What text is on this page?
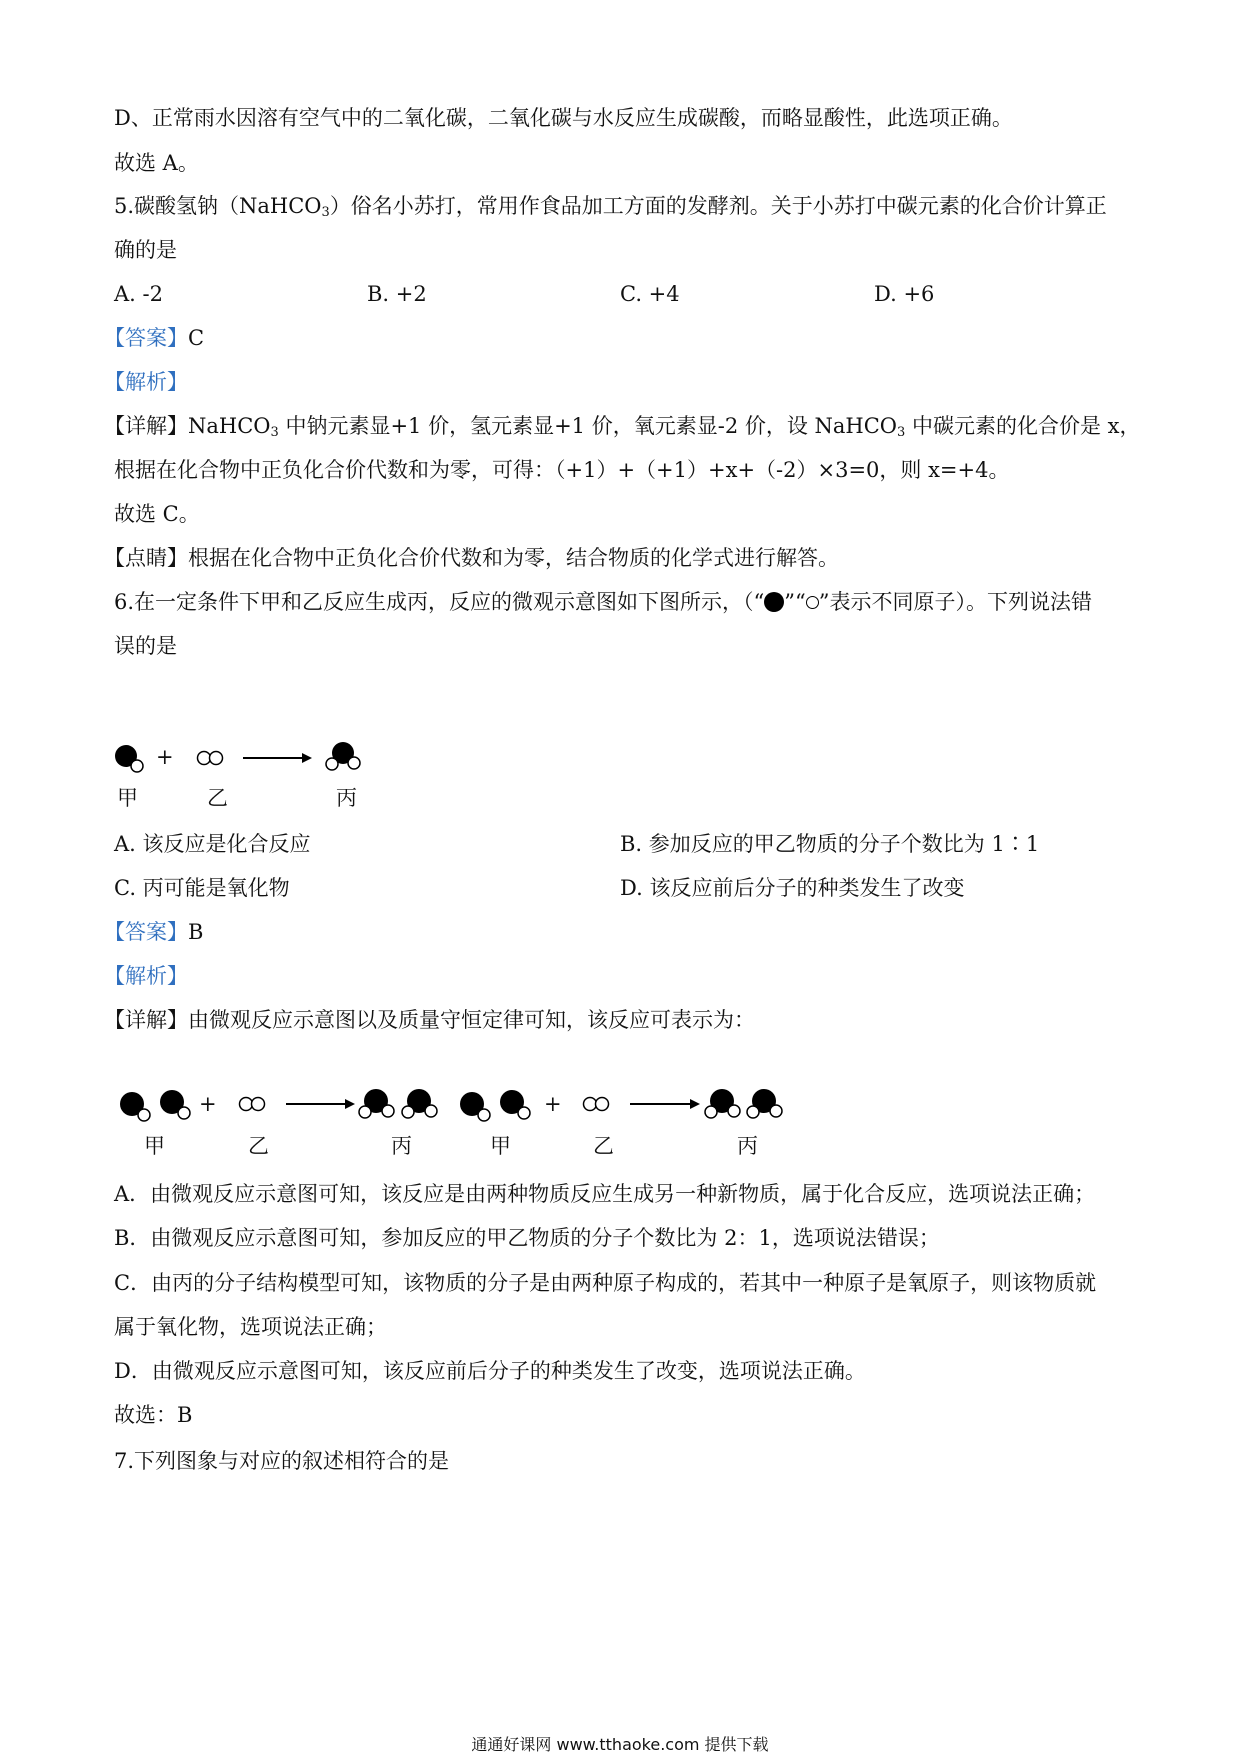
D、正常雨水因溶有空气中的二氧化碳，二氧化碳与水反应生成碳酸，而略显酸性，此选项正确。
故选 A。
5.碳酸氢钠（NaHCO$_3$）俗名小苏打，常用作食品加工方面的发酵剂。关于小苏打中碳元素的化合价计算正
确的是
A. -2	B. +2	C. +4	D. +6
【答案】C
【解析】
【详解】NaHCO$_3$ 中钠元素显+1 价，氢元素显+1 价，氧元素显-2 价，设 NaHCO$_3$ 中碳元素的化合价是 x，
根据在化合物中正负化合价代数和为零，可得：（+1）+（+1）+x+（-2）×3=0，则 x=+4。
故选 C。
【点睛】根据在化合物中正负化合价代数和为零，结合物质的化学式进行解答。
6.在一定条件下甲和乙反应生成丙，反应的微观示意图如下图所示，（“ ”“ ”表示不同原子）。下列说法错
误的是
+
甲	乙	丙
A. 该反应是化合反应	B. 参加反应的甲乙物质的分子个数比为 1∶1
C. 丙可能是氧化物	D. 该反应前后分子的种类发生了改变
【答案】B
【解析】
【详解】由微观反应示意图以及质量守恒定律可知，该反应可表示为：
+	+
甲	乙	丙	甲	乙	丙
A．由微观反应示意图可知，该反应是由两种物质反应生成另一种新物质，属于化合反应，选项说法正确；
B．由微观反应示意图可知，参加反应的甲乙物质的分子个数比为 2：1，选项说法错误；
C．由丙的分子结构模型可知，该物质的分子是由两种原子构成的，若其中一种原子是氧原子，则该物质就
属于氧化物，选项说法正确；
D．由微观反应示意图可知，该反应前后分子的种类发生了改变，选项说法正确。
故选：B
7.下列图象与对应的叙述相符合的是
通通好课网 www.tthaoke.com 提供下载
